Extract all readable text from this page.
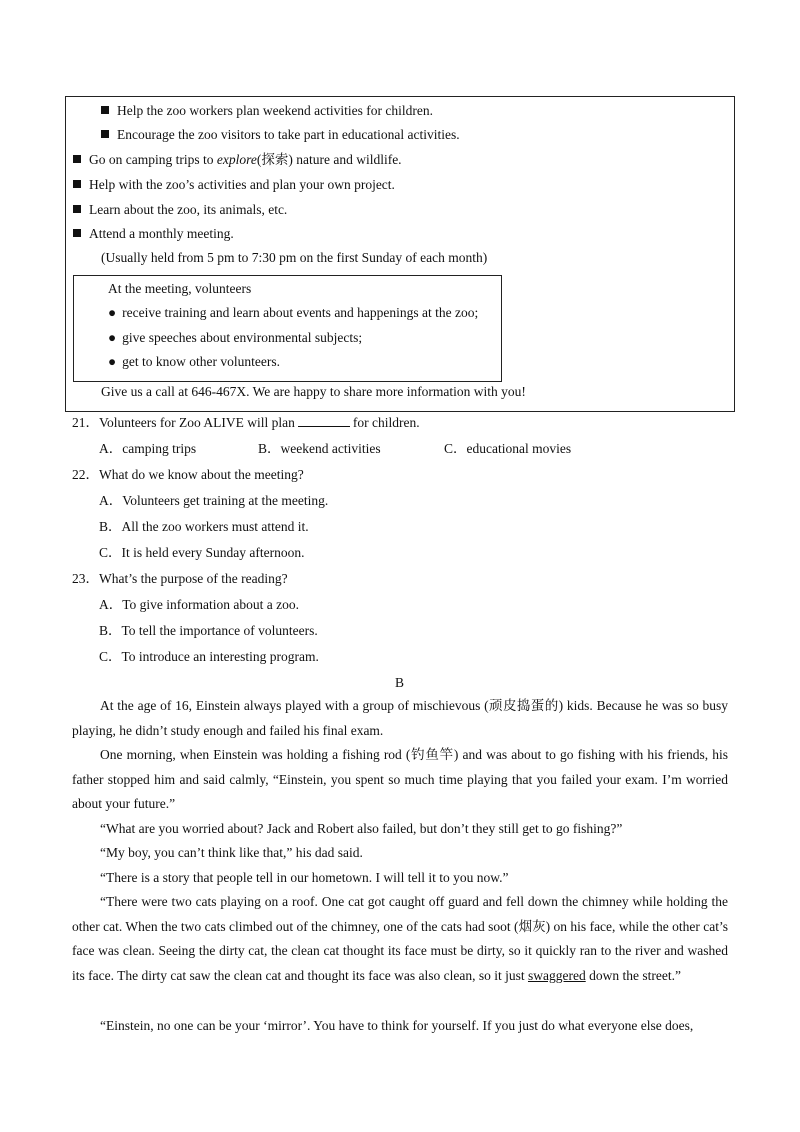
Help the zoo workers plan weekend activities for children.
Encourage the zoo visitors to take part in educational activities.
Go on camping trips to explore(探索) nature and wildlife.
Help with the zoo’s activities and plan your own project.
Learn about the zoo, its animals, etc.
Attend a monthly meeting.
(Usually held from 5 pm to 7:30 pm on the first Sunday of each month)
At the meeting, volunteers
● receive training and learn about events and happenings at the zoo;
● give speeches about environmental subjects;
● get to know other volunteers.
Give us a call at 646-467X. We are happy to share more information with you!
21．Volunteers for Zoo ALIVE will plan	for children.
A．camping trips	B．weekend activities	C．educational movies
22．What do we know about the meeting?
A．Volunteers get training at the meeting.
B．All the zoo workers must attend it.
C．It is held every Sunday afternoon.
23．What’s the purpose of the reading?
A．To give information about a zoo.
B．To tell the importance of volunteers.
C．To introduce an interesting program.
B
At the age of 16, Einstein always played with a group of mischievous (顽皮捣蛋的) kids. Because he was so busy playing, he didn’t study enough and failed his final exam.
One morning, when Einstein was holding a fishing rod (钓鱼竿) and was about to go fishing with his friends, his father stopped him and said calmly, “Einstein, you spent so much time playing that you failed your exam. I’m worried about your future.”
“What are you worried about? Jack and Robert also failed, but don’t they still get to go fishing?”
“My boy, you can’t think like that,” his dad said.
“There is a story that people tell in our hometown. I will tell it to you now.”
“There were two cats playing on a roof. One cat got caught off guard and fell down the chimney while holding the other cat. When the two cats climbed out of the chimney, one of the cats had soot (烟灰) on his face, while the other cat’s face was clean. Seeing the dirty cat, the clean cat thought its face must be dirty, so it quickly ran to the river and washed its face. The dirty cat saw the clean cat and thought its face was also clean, so it just swaggered down the street.”
“Einstein, no one can be your ‘mirror’. You have to think for yourself. If you just do what everyone else does,
